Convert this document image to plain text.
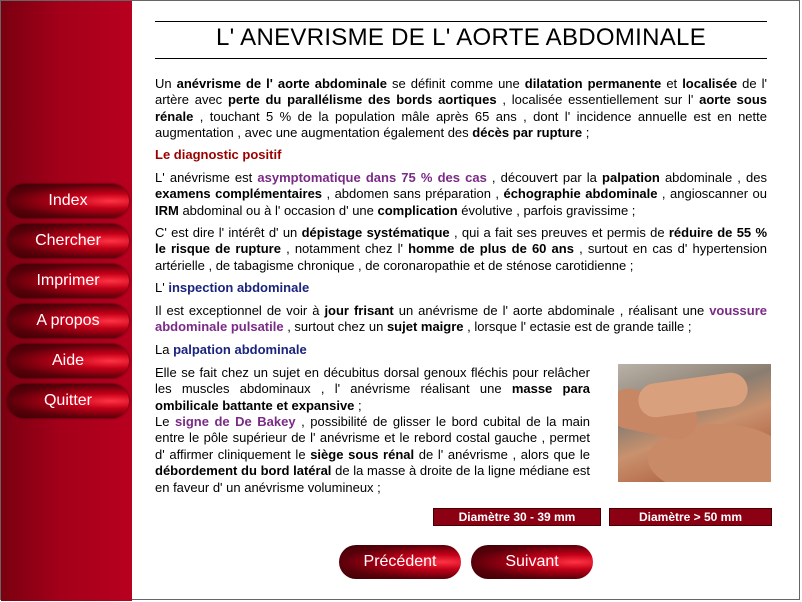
Index
Chercher
Imprimer
A propos
Aide
Quitter
L' ANEVRISME DE L' AORTE ABDOMINALE
Un anévrisme de l' aorte abdominale se définit comme une dilatation permanente et localisée de l' artère avec perte du parallélisme des bords aortiques , localisée essentiellement sur l' aorte sous rénale , touchant 5 % de la population mâle après 65 ans , dont l' incidence annuelle est en nette augmentation , avec une augmentation également des décès par rupture ;
Le diagnostic positif
L' anévrisme est asymptomatique dans 75 % des cas , découvert par la palpation abdominale , des examens complémentaires , abdomen sans préparation , échographie abdominale , angioscanner ou IRM abdominal ou à l' occasion d' une complication évolutive , parfois gravissime ;
C' est dire l' intérêt d' un dépistage systématique , qui a fait ses preuves et permis de réduire de 55 % le risque de rupture , notamment chez l' homme de plus de 60 ans , surtout en cas d' hypertension artérielle , de tabagisme chronique , de coronaropathie et de sténose carotidienne ;
L' inspection abdominale
Il est exceptionnel de voir à jour frisant un anévrisme de l' aorte abdominale , réalisant une voussure abdominale pulsatile , surtout chez un sujet maigre , lorsque l' ectasie est de grande taille ;
La palpation abdominale
Elle se fait chez un sujet en décubitus dorsal genoux fléchis pour relâcher les muscles abdominaux , l' anévrisme réalisant une masse para ombilicale battante et expansive ;
Le signe de De Bakey , possibilité de glisser le bord cubital de la main entre le pôle supérieur de l' anévrisme et le rebord costal gauche , permet d' affirmer cliniquement le siège sous rénal de l' anévrisme , alors que le débordement du bord latéral de la masse à droite de la ligne médiane est en faveur d' un anévrisme volumineux ;
Diamètre 30 - 39 mm	Diamètre > 50 mm
Précédent	Suivant
